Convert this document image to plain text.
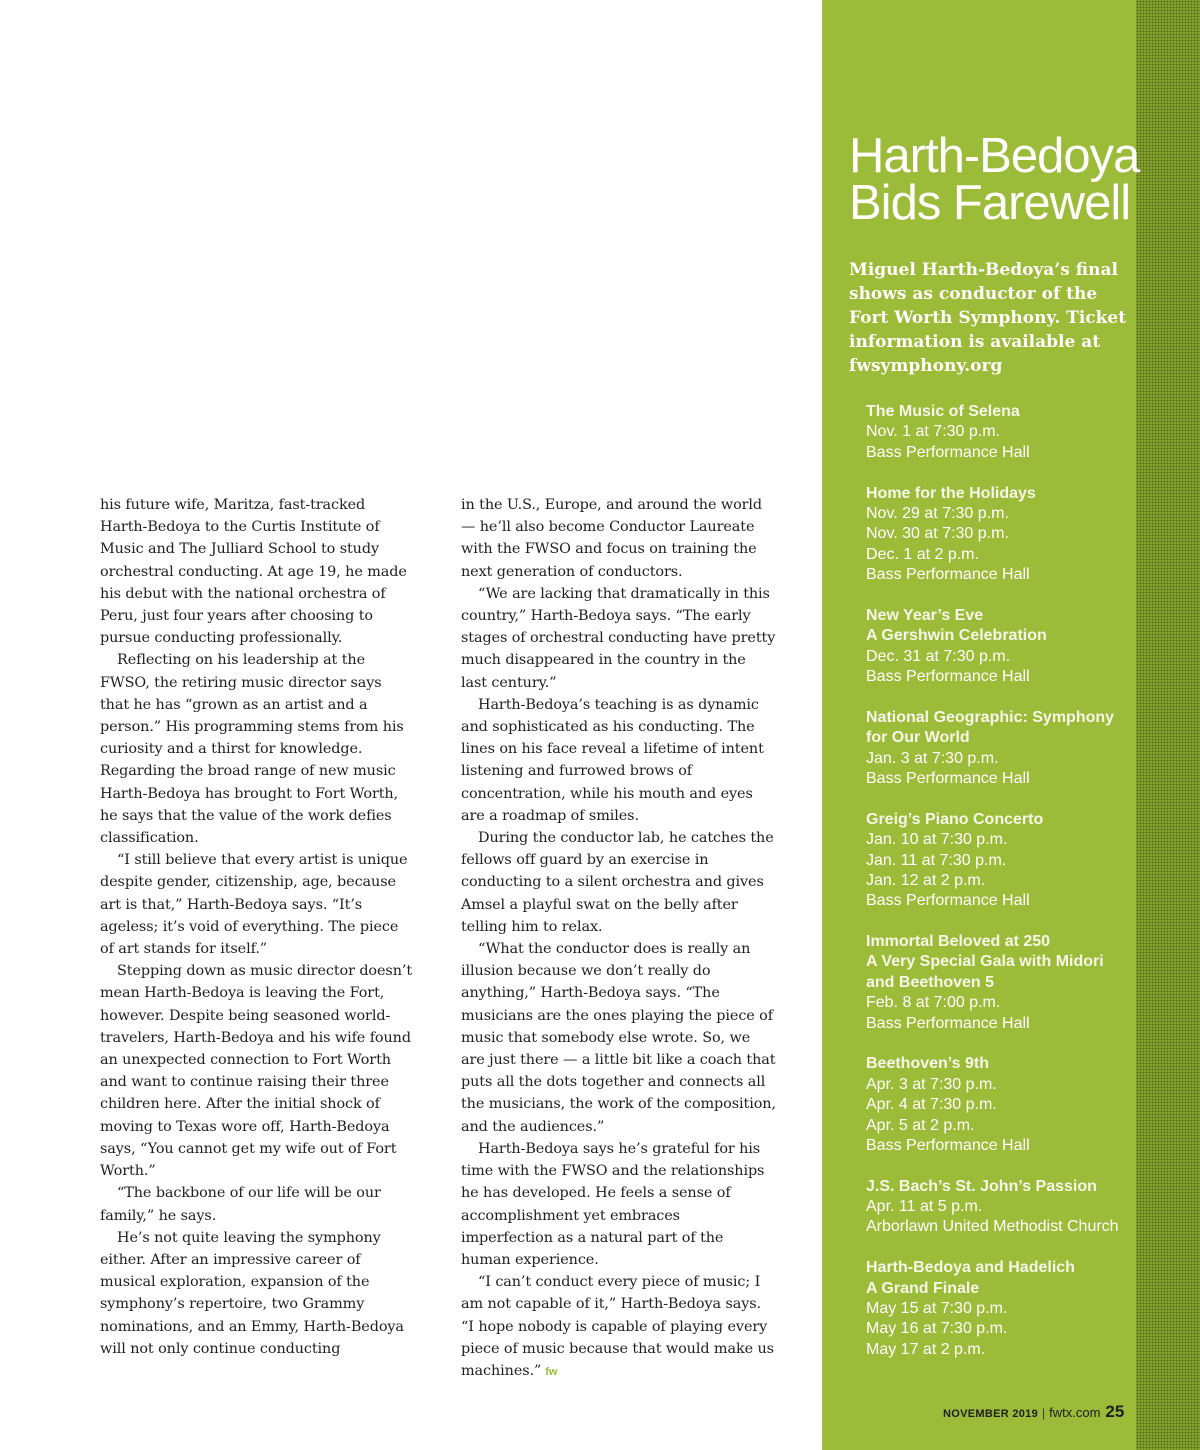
his future wife, Maritza, fast-tracked Harth-Bedoya to the Curtis Institute of Music and The Julliard School to study orchestral conducting. At age 19, he made his debut with the national orchestra of Peru, just four years after choosing to pursue conducting professionally.

Reflecting on his leadership at the FWSO, the retiring music director says that he has “grown as an artist and a person.” His programming stems from his curiosity and a thirst for knowledge. Regarding the broad range of new music Harth-Bedoya has brought to Fort Worth, he says that the value of the work defies classification.

“I still believe that every artist is unique despite gender, citizenship, age, because art is that,” Harth-Bedoya says. “It’s ageless; it’s void of everything. The piece of art stands for itself.”

Stepping down as music director doesn’t mean Harth-Bedoya is leaving the Fort, however. Despite being seasoned world-travelers, Harth-Bedoya and his wife found an unexpected connection to Fort Worth and want to continue raising their three children here. After the initial shock of moving to Texas wore off, Harth-Bedoya says, “You cannot get my wife out of Fort Worth.”

“The backbone of our life will be our family,” he says.

He’s not quite leaving the symphony either. After an impressive career of musical exploration, expansion of the symphony’s repertoire, two Grammy nominations, and an Emmy, Harth-Bedoya will not only continue conducting

in the U.S., Europe, and around the world — he’ll also become Conductor Laureate with the FWSO and focus on training the next generation of conductors.

“We are lacking that dramatically in this country,” Harth-Bedoya says. “The early stages of orchestral conducting have pretty much disappeared in the country in the last century.”

Harth-Bedoya’s teaching is as dynamic and sophisticated as his conducting. The lines on his face reveal a lifetime of intent listening and furrowed brows of concentration, while his mouth and eyes are a roadmap of smiles.

During the conductor lab, he catches the fellows off guard by an exercise in conducting to a silent orchestra and gives Amsel a playful swat on the belly after telling him to relax.

“What the conductor does is really an illusion because we don’t really do anything,” Harth-Bedoya says. “The musicians are the ones playing the piece of music that somebody else wrote. So, we are just there — a little bit like a coach that puts all the dots together and connects all the musicians, the work of the composition, and the audiences.”

Harth-Bedoya says he’s grateful for his time with the FWSO and the relationships he has developed. He feels a sense of accomplishment yet embraces imperfection as a natural part of the human experience.

“I can’t conduct every piece of music; I am not capable of it,” Harth-Bedoya says. “I hope nobody is capable of playing every piece of music because that would make us machines.” fw

Harth-Bedoya
Bids Farewell

Miguel Harth-Bedoya’s final shows as conductor of the Fort Worth Symphony. Ticket information is available at fwsymphony.org

The Music of Selena
Nov. 1 at 7:30 p.m.
Bass Performance Hall
Home for the Holidays
Nov. 29 at 7:30 p.m.
Nov. 30 at 7:30 p.m.
Dec. 1 at 2 p.m.
Bass Performance Hall
New Year’s Eve
A Gershwin Celebration
Dec. 31 at 7:30 p.m.
Bass Performance Hall
National Geographic: Symphony
for Our World
Jan. 3 at 7:30 p.m.
Bass Performance Hall
Greig’s Piano Concerto
Jan. 10 at 7:30 p.m.
Jan. 11 at 7:30 p.m.
Jan. 12 at 2 p.m.
Bass Performance Hall
Immortal Beloved at 250
A Very Special Gala with Midori
and Beethoven 5
Feb. 8 at 7:00 p.m.
Bass Performance Hall
Beethoven’s 9th
Apr. 3 at 7:30 p.m.
Apr. 4 at 7:30 p.m.
Apr. 5 at 2 p.m.
Bass Performance Hall
J.S. Bach’s St. John’s Passion
Apr. 11 at 5 p.m.
Arborlawn United Methodist Church
Harth-Bedoya and Hadelich
A Grand Finale
May 15 at 7:30 p.m.
May 16 at 7:30 p.m.
May 17 at 2 p.m.
NOVEMBER 2019 | fwtx.com 25
